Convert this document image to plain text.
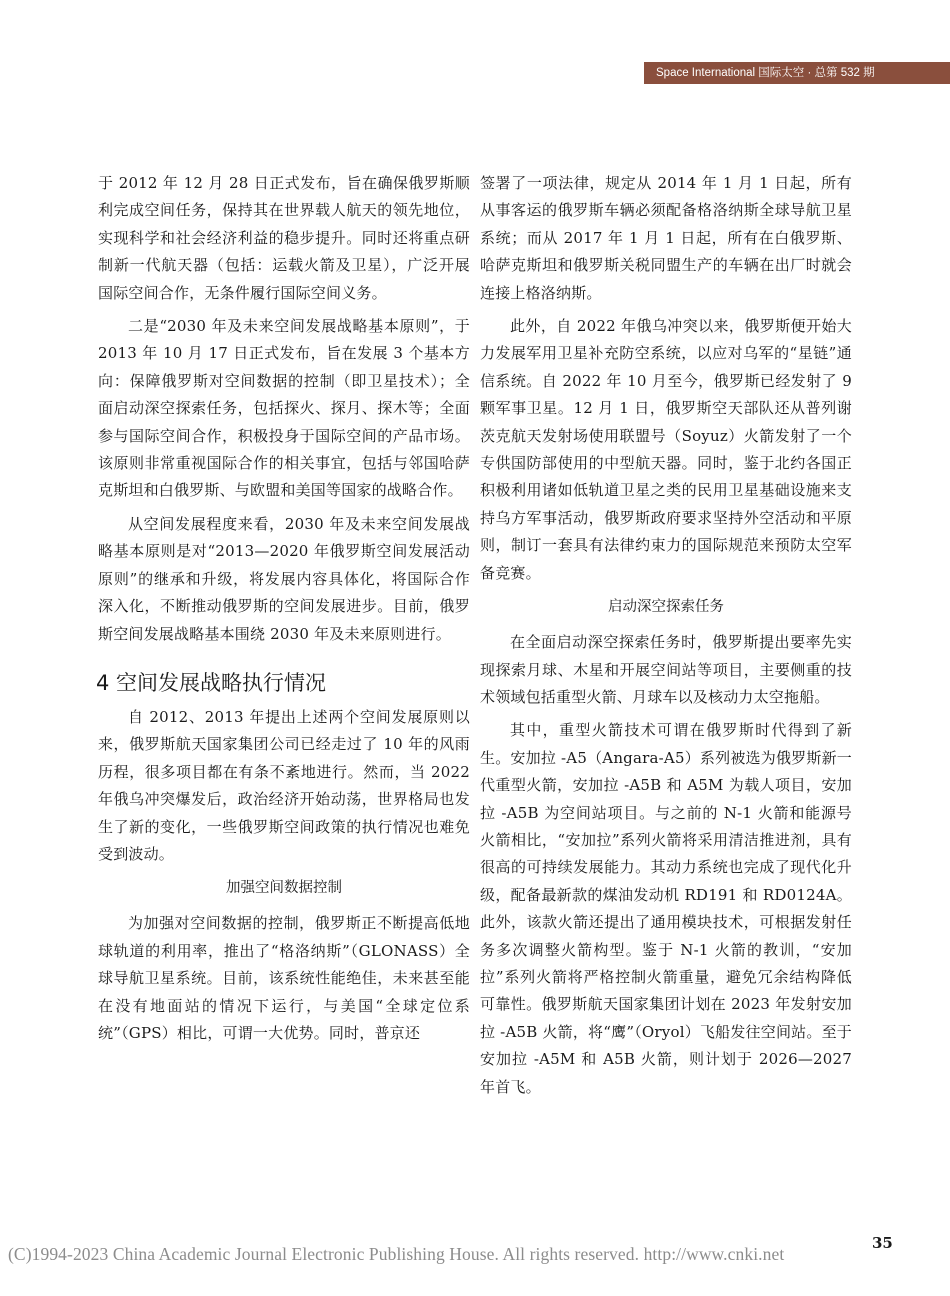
Space International 国际太空 · 总第 532 期

于 2012 年 12 月 28 日正式发布，旨在确保俄罗斯顺利完成空间任务，保持其在世界载人航天的领先地位，实现科学和社会经济利益的稳步提升。同时还将重点研制新一代航天器（包括：运载火箭及卫星），广泛开展国际空间合作，无条件履行国际空间义务。

二是“2030 年及未来空间发展战略基本原则”，于 2013 年 10 月 17 日正式发布，旨在发展 3 个基本方向：保障俄罗斯对空间数据的控制（即卫星技术）；全面启动深空探索任务，包括探火、探月、探木等；全面参与国际空间合作，积极投身于国际空间的产品市场。该原则非常重视国际合作的相关事宜，包括与邻国哈萨克斯坦和白俄罗斯、与欧盟和美国等国家的战略合作。

从空间发展程度来看，2030 年及未来空间发展战略基本原则是对“2013—2020 年俄罗斯空间发展活动原则”的继承和升级，将发展内容具体化，将国际合作深入化，不断推动俄罗斯的空间发展进步。目前，俄罗斯空间发展战略基本围绕 2030 年及未来原则进行。

4 空间发展战略执行情况

自 2012、2013 年提出上述两个空间发展原则以来，俄罗斯航天国家集团公司已经走过了 10 年的风雨历程，很多项目都在有条不紊地进行。然而，当 2022 年俄乌冲突爆发后，政治经济开始动荡，世界格局也发生了新的变化，一些俄罗斯空间政策的执行情况也难免受到波动。

加强空间数据控制

为加强对空间数据的控制，俄罗斯正不断提高低地球轨道的利用率，推出了“格洛纳斯”（GLONASS）全球导航卫星系统。目前，该系统性能绝佳，未来甚至能在没有地面站的情况下运行，与美国“全球定位系统”（GPS）相比，可谓一大优势。同时，普京还

签署了一项法律，规定从 2014 年 1 月 1 日起，所有从事客运的俄罗斯车辆必须配备格洛纳斯全球导航卫星系统；而从 2017 年 1 月 1 日起，所有在白俄罗斯、哈萨克斯坦和俄罗斯关税同盟生产的车辆在出厂时就会连接上格洛纳斯。

此外，自 2022 年俄乌冲突以来，俄罗斯便开始大力发展军用卫星补充防空系统，以应对乌军的“星链”通信系统。自 2022 年 10 月至今，俄罗斯已经发射了 9 颗军事卫星。12 月 1 日，俄罗斯空天部队还从普列谢茨克航天发射场使用联盟号（Soyuz）火箭发射了一个专供国防部使用的中型航天器。同时，鉴于北约各国正积极利用诸如低轨道卫星之类的民用卫星基础设施来支持乌方军事活动，俄罗斯政府要求坚持外空活动和平原则，制订一套具有法律约束力的国际规范来预防太空军备竞赛。

启动深空探索任务

在全面启动深空探索任务时，俄罗斯提出要率先实现探索月球、木星和开展空间站等项目，主要侧重的技术领域包括重型火箭、月球车以及核动力太空拖船。

其中，重型火箭技术可谓在俄罗斯时代得到了新生。安加拉 -A5（Angara-A5）系列被选为俄罗斯新一代重型火箭，安加拉 -A5B 和 A5M 为载人项目，安加拉 -A5B 为空间站项目。与之前的 N-1 火箭和能源号火箭相比，“安加拉”系列火箭将采用清洁推进剂，具有很高的可持续发展能力。其动力系统也完成了现代化升级，配备最新款的煤油发动机 RD191 和 RD0124A。此外，该款火箭还提出了通用模块技术，可根据发射任务多次调整火箭构型。鉴于 N-1 火箭的教训，“安加拉”系列火箭将严格控制火箭重量，避免冗余结构降低可靠性。俄罗斯航天国家集团计划在 2023 年发射安加拉 -A5B 火箭，将“鹰”（Oryol）飞船发往空间站。至于安加拉 -A5M 和 A5B 火箭，则计划于 2026—2027 年首飞。

35
(C)1994-2023 China Academic Journal Electronic Publishing House. All rights reserved. http://www.cnki.net
